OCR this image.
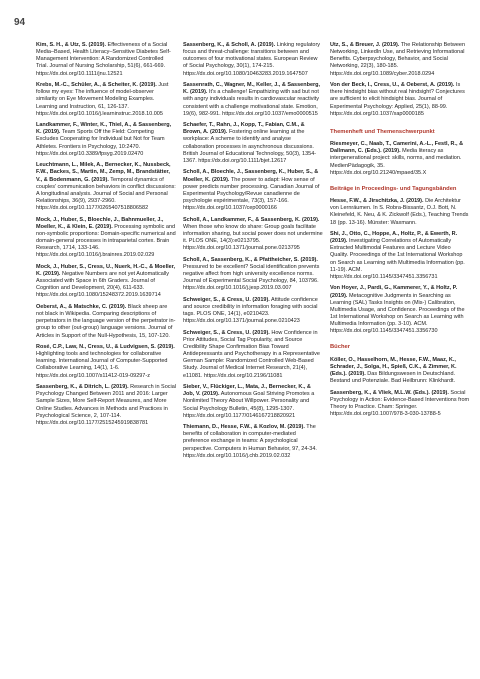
94
Kim, S. H., & Utz, S. (2019). Effectiveness of a Social Media–Based, Health Literacy–Sensitive Diabetes Self-Management Intervention: A Randomized Controlled Trial. Journal of Nursing Scholarship, 51(6), 661-669. https://dx.doi.org/10.1111/jnu.12521
Krebs, M.-C., Schüler, A., & Scheiter, K. (2019). Just follow my eyes: The influence of model-observer similarity on Eye Movement Modeling Examples. Learning and Instruction, 61, 126-137. https://dx.doi.org/10.1016/j.learninstruc.2018.10.005
Landkammer, F., Winter, K., Thiel, A., & Sassenberg, K. (2019). Team Sports Off the Field: Competing Excludes Cooperating for Individual but Not for Team Athletes. Frontiers in Psychology, 10:2470. https://dx.doi.org/10.3389/fpsyg.2019.02470
Leuchtmann, L., Milek, A., Bernecker, K., Nussbeck, F.W., Backes, S., Martin, M., Zemp, M., Brandstätter, V., & Bodenmann, G. (2019). Temporal dynamics of couples' communication behaviors in conflict discussions: A longitudinal analysis. Journal of Social and Personal Relationships, 36(9), 2937-2960. https://dx.doi.org/10.1177/0265407518806582
Mock, J., Huber, S., Bloechle, J., Bahnmueller, J., Moeller, K., & Klein, E. (2019). Processing symbolic and non-symbolic proportions: Domain-specific numerical and domain-general processes in intraparietal cortex. Brain Research, 1714, 133-146. https://dx.doi.org/10.1016/j.brainres.2019.02.029
Mock, J., Huber, S., Cress, U., Nuerk, H.-C., & Moeller, K. (2019). Negative Numbers are not yet Automatically Associated with Space in 6th Graders. Journal of Cognition and Development, 20(4), 611-633. https://dx.doi.org/10.1080/15248372.2019.1639714
Oeberst, A., & Matschke, C. (2019). Black sheep are not black in Wikipedia. Comparing descriptions of perpetrators in the language version of the perpetrator in-group to other (out-group) language versions. Journal of Articles in Support of the Null-Hypothesis, 15, 107-120.
Rosé, C.P., Law, N., Cress, U., & Ludvigsen, S. (2019). Highlighting tools and technologies for collaborative learning. International Journal of Computer-Supported Collaborative Learning, 14(1), 1-6. https://dx.doi.org/10.1007/s11412-019-09297-z
Sassenberg, K., & Ditrich, L. (2019). Research in Social Psychology Changed Between 2011 and 2016: Larger Sample Sizes, More Self-Report Measures, and More Online Studies. Advances in Methods and Practices in Psychological Science, 2, 107-114. https://dx.doi.org/10.1177/2515245919838781
Sassenberg, K., & Scholl, A. (2019). Linking regulatory focus and threat-challenge: transitions between and outcomes of four motivational states. European Review of Social Psychology, 30(1), 174-215. https://dx.doi.org/10.1080/10463283.2019.1647507
Sassenrath, C., Wagner, M., Keller, J., & Sassenberg, K. (2019). It's a challenge! Empathizing with sad but not with angry individuals results in cardiovascular reactivity consistent with a challenge motivational state. Emotion, 19(6), 982-991. https://dx.doi.org/10.1037/emo0000515
Schaefer, T., Rahn, J., Kopp, T., Fabian, C.M., & Brown, A. (2019). Fostering online learning at the workplace: A scheme to identify and analyse collaboration processes in asynchronous discussions. British Journal of Educational Technology, 50(3), 1354-1367. https://dx.doi.org/10.1111/bjet.12617
Scholl, A., Bloechle, J., Sassenberg, K., Huber, S., & Moeller, K. (2019). The power to adapt: How sense of power predicts number processing. Canadian Journal of Experimental Psychology/Revue canadienne de psychologie expérimentale, 73(3), 157-166. https://dx.doi.org/10.1037/cep0000166
Scholl, A., Landkammer, F., & Sassenberg, K. (2019). When those who know do share: Group goals facilitate information sharing, but social power does not undermine it. PLOS ONE, 14(3):e0213795. https://dx.doi.org/10.1371/journal.pone.0213795
Scholl, A., Sassenberg, K., & Pfattheicher, S. (2019). Pressured to be excellent? Social identification prevents negative affect from high university excellence norms. Journal of Experimental Social Psychology, 84, 103796. https://dx.doi.org/10.1016/j.jesp.2019.03.007
Schweiger, S., & Cress, U. (2019). Attitude confidence and source credibility in information foraging with social tags. PLOS ONE, 14(1), e0210423. https://dx.doi.org/10.1371/journal.pone.0210423
Schweiger, S., & Cress, U. (2019). How Confidence in Prior Attitudes, Social Tag Popularity, and Source Credibility Shape Confirmation Bias Toward Antidepressants and Psychotherapy in a Representative German Sample: Randomized Controlled Web-Based Study. Journal of Medical Internet Research, 21(4), e11081. https://dx.doi.org/10.2196/11081
Sieber, V., Flückiger, L., Mata, J., Bernecker, K., & Job, V. (2019). Autonomous Goal Striving Promotes a Nonlimited Theory About Willpower. Personality and Social Psychology Bulletin, 45(8), 1295-1307. https://dx.doi.org/10.1177/0146167218820921
Thiemann, D., Hesse, F.W., & Kozlov, M. (2019). The benefits of collaboration in computer-mediated preference exchange in teams: A psychological perspective. Computers in Human Behavior, 97, 24-34. https://dx.doi.org/10.1016/j.chb.2019.02.032
Utz, S., & Breuer, J. (2019). The Relationship Between Networking, LinkedIn Use, and Retrieving Informational Benefits. Cyberpsychology, Behavior, and Social Networking, 22(3), 180-185. https://dx.doi.org/10.1089/cyber.2018.0294
Von der Beck, I., Cress, U., & Oeberst, A. (2019). Is there hindsight bias without real hindsight? Conjectures are sufficient to elicit hindsight bias. Journal of Experimental Psychology: Applied, 25(1), 88-99. https://dx.doi.org/10.1037/xap0000185
Themenheft und Themenschwerpunkt
Riesmeyer, C., Naab, T., Camerini, A.-L., Festl, R., & Dallmann, C. (Eds.). (2019). Media literacy as intergenerational project: skills, norms, and mediation. MedienPädagogik, 35. https://dx.doi.org/10.21240/mpaed/35.X
Beiträge in Proceedings- und Tagungsbänden
Hesse, F.W., & Jirschitzka, J. (2019). Die Architektur von Lernräumen. In S. Robra-Bissantz, O.J. Bott, N. Kleinefeld, K. Neu, & K. Zickwolf (Eds.), Teaching Trends 18 (pp. 13-16). Münster: Waxmann.
Shi, J., Otto, C., Hoppe, A., Holtz, P., & Ewerth, R. (2019). Investigating Correlations of Automatically Extracted Multimodal Features and Lecture Video Quality. Proceedings of the 1st International Workshop on Search as Learning with Multimedia Information (pp. 11-19). ACM. https://dx.doi.org/10.1145/3347451.3356731
Von Hoyer, J., Pardi, G., Kammerer, Y., & Holtz, P. (2019). Metacognitive Judgments in Searching as Learning (SAL) Tasks Insights on (Mis-) Calibration, Multimedia Usage, and Confidence. Proceedings of the 1st International Workshop on Search as Learning with Multimedia Information (pp. 3-10). ACM. https://dx.doi.org/10.1145/3347451.3356730
Bücher
Köller, O., Hasselhorn, M., Hesse, F.W., Maaz, K., Schrader, J., Solga, H., Spieß, C.K., & Zimmer, K. (Eds.). (2019). Das Bildungswesen in Deutschland. Bestand und Potenziale. Bad Heilbrunn: Klinkhardt.
Sassenberg, K., & Vliek, M.L.W. (Eds.). (2019). Social Psychology in Action: Evidence-Based Interventions from Theory to Practice. Cham: Springer. https://dx.doi.org/10.1007/978-3-030-13788-5
